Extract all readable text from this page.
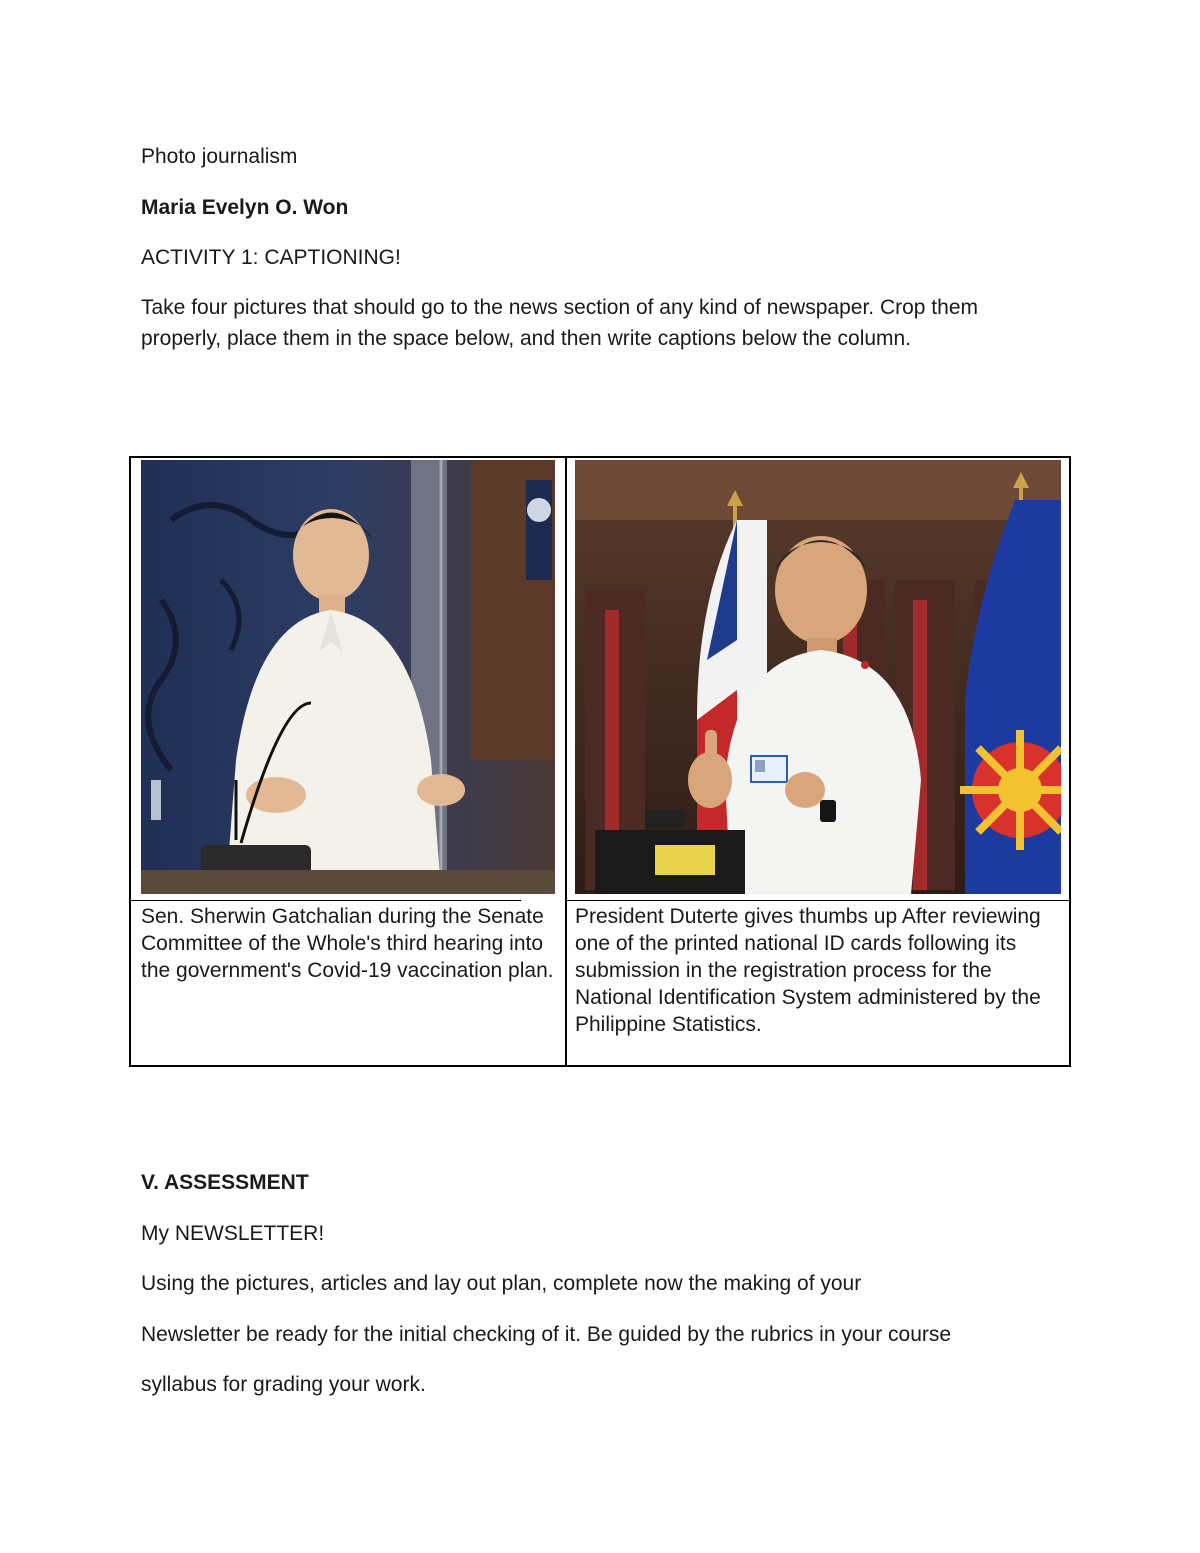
Photo journalism
Maria Evelyn O. Won
ACTIVITY 1: CAPTIONING!
Take four pictures that should go to the news section of any kind of newspaper. Crop them properly, place them in the space below, and then write captions below the column.
Sen. Sherwin Gatchalian during the Senate Committee of the Whole's third hearing into the government's Covid-19 vaccination plan.
President Duterte gives thumbs up After reviewing one of the printed national ID cards following its submission in the registration process for the National Identification System administered by the Philippine Statistics.
V. ASSESSMENT
My NEWSLETTER!
Using the pictures, articles and lay out plan, complete now the making of your
Newsletter be ready for the initial checking of it. Be guided by the rubrics in your course
syllabus for grading your work.
